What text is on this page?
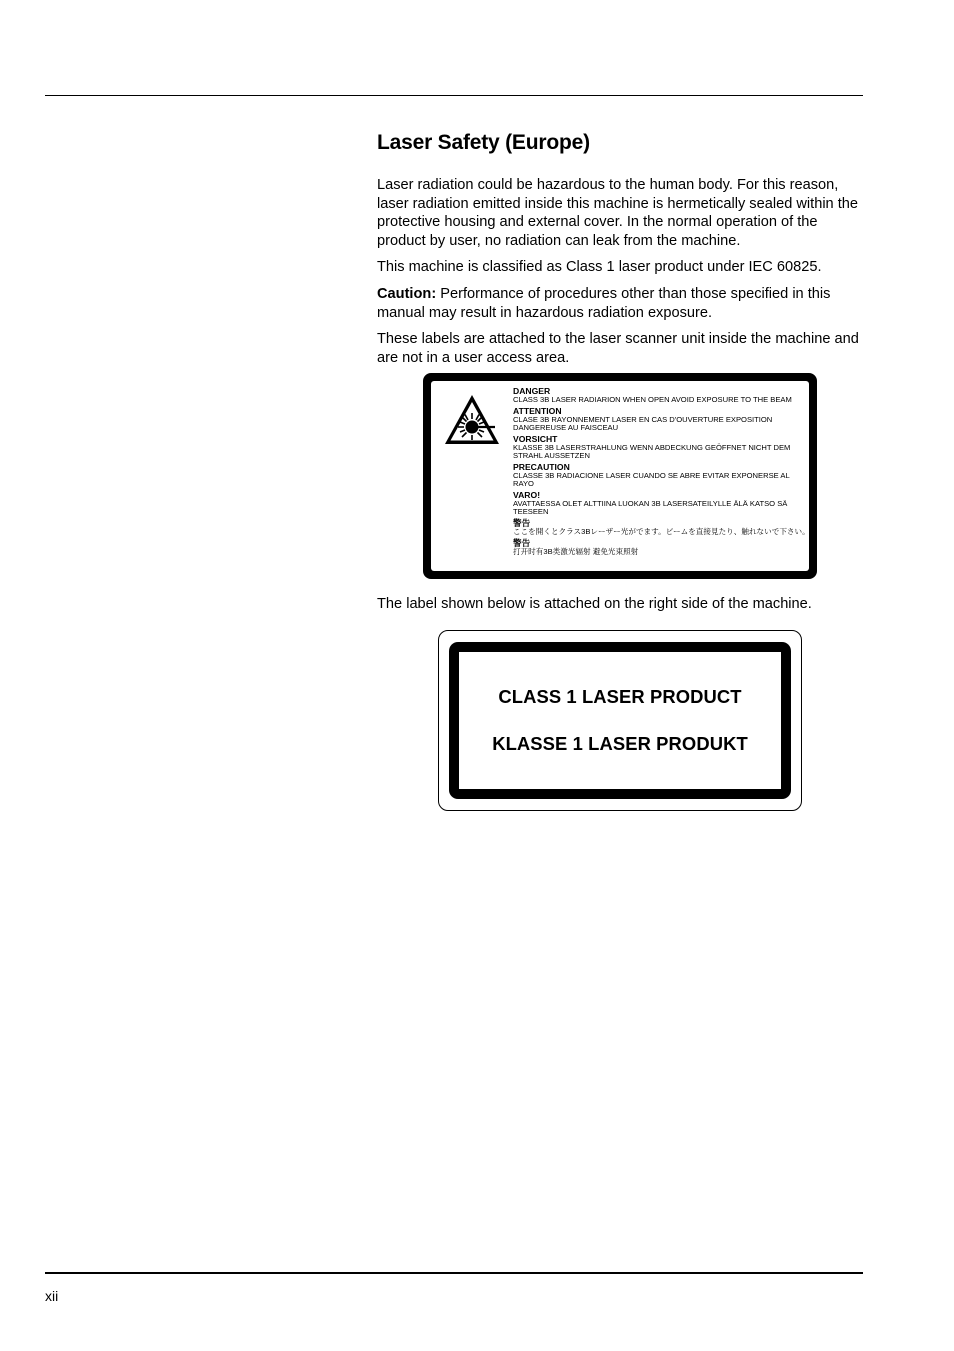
Laser Safety (Europe)

Laser radiation could be hazardous to the human body. For this reason, laser radiation emitted inside this machine is hermetically sealed within the protective housing and external cover. In the normal operation of the product by user, no radiation can leak from the machine.

This machine is classified as Class 1 laser product under IEC 60825.

Caution: Performance of procedures other than those specified in this manual may result in hazardous radiation exposure.

These labels are attached to the laser scanner unit inside the machine and are not in a user access area.

DANGER
CLASS 3B LASER RADIARION WHEN OPEN AVOID EXPOSURE TO THE BEAM
ATTENTION
CLASE 3B RAYONNEMENT LASER EN CAS D'OUVERTURE EXPOSITION DANGEREUSE AU FAISCEAU
VORSICHT
KLASSE 3B LASERSTRAHLUNG WENN ABDECKUNG GEÖFFNET NICHT DEM STRAHL AUSSETZEN
PRECAUTION
CLASSE 3B RADIACIONE LASER CUANDO SE ABRE EVITAR EXPONERSE AL RAYO
VARO!
AVATTAESSA OLET ALTTIINA LUOKAN 3B LASERSATEILYLLE ÄLÄ KATSO SÄ TEESEEN
警告
ここを開くとクラス3Bレーザー光がでます。ビームを直接見たり、触れないで下さい。
警告
打开时有3B类激光辐射 避免光束照射

The label shown below is attached on the right side of the machine.

CLASS 1 LASER PRODUCT
KLASSE 1 LASER PRODUKT
xii
